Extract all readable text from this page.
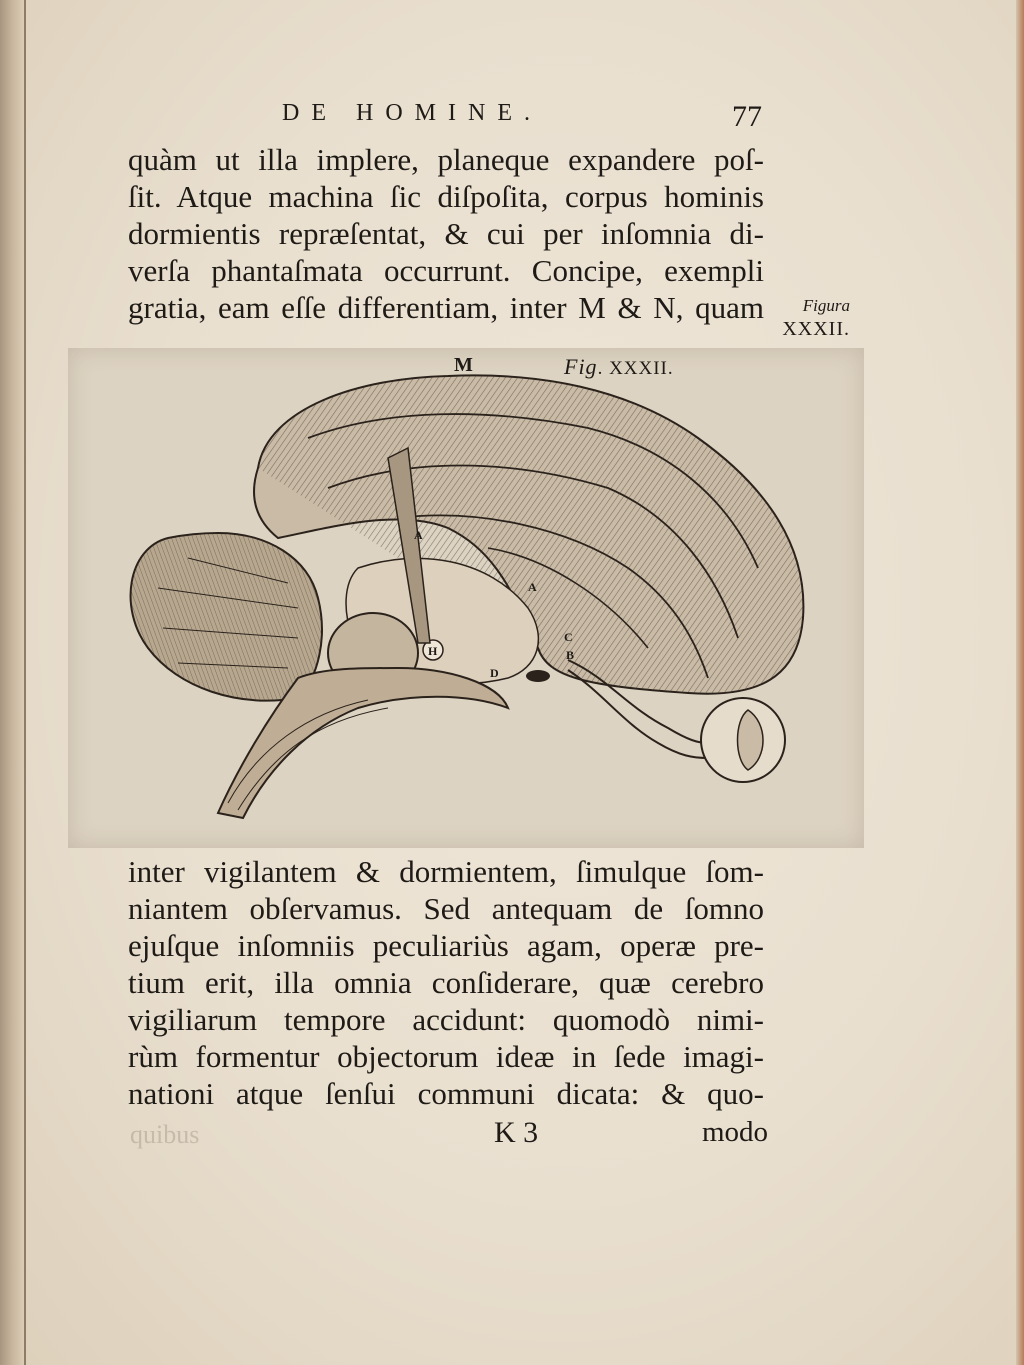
DE HOMINE.	77
quàm ut illa implere, planeque expandere poſ-
ſit. Atque machina ſic diſpoſita, corpus hominis
dormientis repræſentat, & cui per inſomnia di-
verſa phantaſmata occurrunt. Concipe, exempli
gratia, eam eſſe differentiam, inter M & N, quam	Figura
XXXII.
M	Fig. XXXII.
A
A
C
B
H
D
inter vigilantem & dormientem, ſimulque ſom-
niantem obſervamus. Sed antequam de ſomno
ejuſque inſomniis peculiariùs agam, operæ pre-
tium erit, illa omnia conſiderare, quæ cerebro
vigiliarum tempore accidunt: quomodò nimi-
rùm formentur objectorum ideæ in ſede imagi-
nationi atque ſenſui communi dicata: & quo-
quibus	K 3	modo
